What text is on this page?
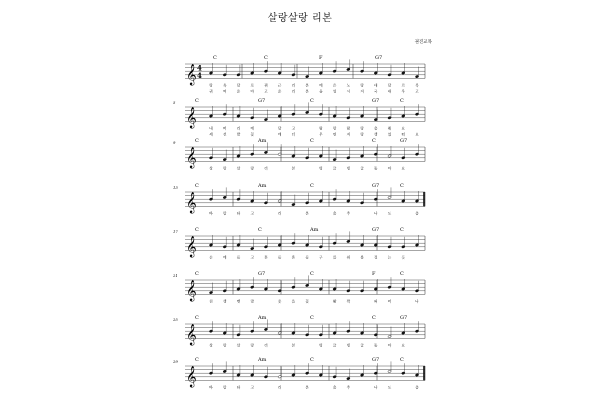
살랑살랑 리본
권진교목
𝄞 4
4
C	C	F	G7
랑	옥	달	로	꿔	근	리	본	에	은	노	랑	대	달	르	록
귀	여	운	아	고	운	리	본	을	얼	시	지	국	대	우	고
𝄞
5	C	G7	C	G7	C
내	머	리	에	달	고	랄	랑	랄	랑	춤	춰	요
세	선	발	꽃	에	더	우	면	저	랑	생	었	떠	요
𝄞
9	C	Am	C	C	G7
살	랑	살	랑	리	본	빙	글	빙	글	돌	아	요
𝄞
13	C	Am	C	G7	C
바	람	타	고	리	본	춤	추	나	도	춤
𝄞
17	C	C	Am	G7	C
손	에	들	고	흔	들	흔	들	구	름	위	를	걸	는	듯
𝄞
21	C	G7	C	F	C
친	생	엣	말	웃	음	꽃	활	짝	피	어	나
𝄞
25	C	Am	C	C	G7
살	랑	살	랑	리	본	빙	글	빙	글	돌	아	요
𝄞
29	C	Am	C	G7	C
바	람	타	고	리	본	춤	추	나	도	춤
